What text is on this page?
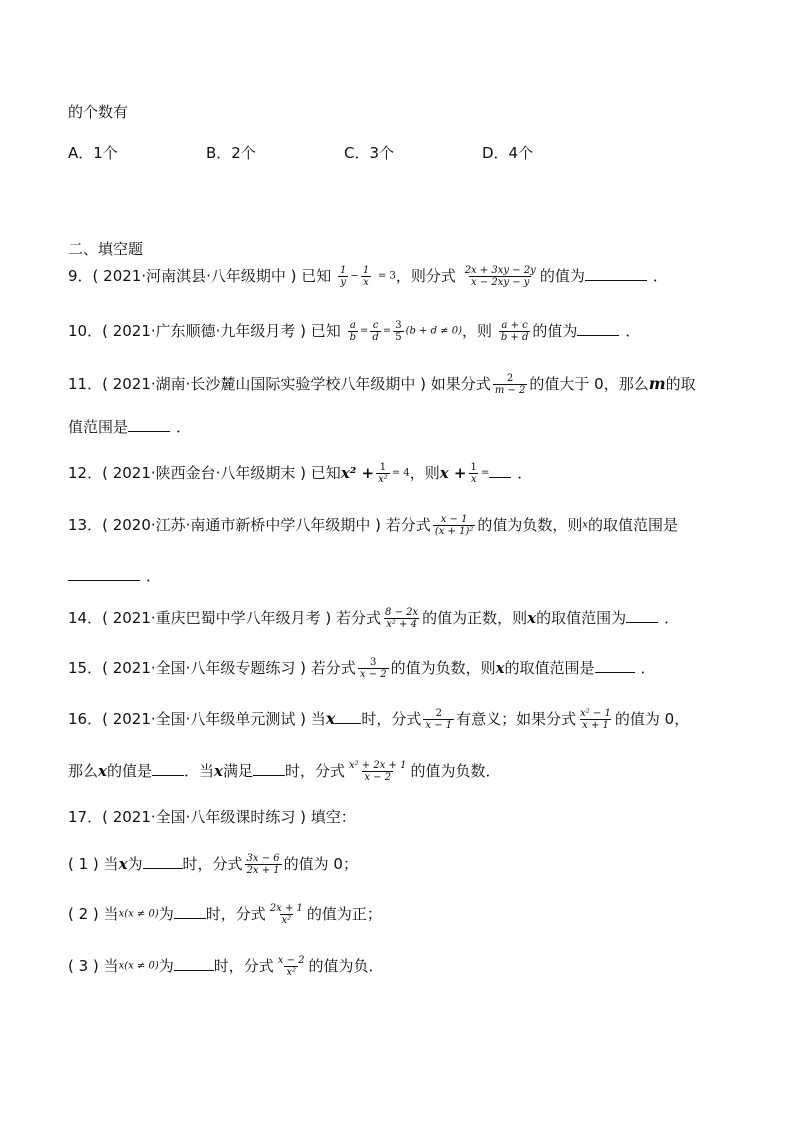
的个数有
A．1个	B．2个	C．3个	D．4个
二、填空题
9．( 2021·河南淇县·八年级期中 ) 已知 $\frac{1}{y} - \frac{1}{x} = 3$，则分式 $\frac{2x + 3xy - 2y}{x - 2xy - y}$ 的值为	．
10．( 2021·广东顺德·九年级月考 ) 已知 $\frac{a}{b} = \frac{c}{d} = \frac{3}{5} (b + d \ne 0)$，则 $\frac{a + c}{b + d}$ 的值为	．
11．( 2021·湖南·长沙麓山国际实验学校八年级期中 ) 如果分式 $\frac{2}{m - 2}$ 的值大于 0，那么m的取
值范围是	．
12．( 2021·陕西金台·八年级期末 ) 已知$x^2 + \frac{1}{\text{x²}} = 4$，则$x + \frac{1}{x}$ = ．
13．( 2020·江苏·南通市新桥中学八年级期中 ) 若分式 $\frac{x - 1}{\text{(x + 1)²}}$ 的值为负数，则x的取值范围是
．
14．( 2021·重庆巴蜀中学八年级月考 ) 若分式 $\frac{8 - 2x}{\text{x² + 4}}$ 的值为正数，则x的取值范围为	．
15．( 2021·全国·八年级专题练习 ) 若分式 $\frac{3}{x - 2}$ 的值为负数，则x的取值范围是	．
16．( 2021·全国·八年级单元测试 ) 当x 时，分式 $\frac{2}{x - 1}$ 有意义；如果分式 $\frac{\text{x² − 1}}{x + 1}$ 的值为 0，
那么x的值是 ．当x满足 时，分式 $\frac{\text{x² + 2x + 1}}{x - 2}$ 的值为负数．
17．( 2021·全国·八年级课时练习 ) 填空：
( 1 ) 当x为	时，分式 $\frac{3x - 6}{2x + 1}$ 的值为 0；
( 2 ) 当x(x ≠ 0)为 时，分式 $\frac{2x + 1}{\text{x²}}$ 的值为正；
( 3 ) 当x(x ≠ 0)为	时，分式 $\frac{x - 2}{\text{x²}}$ 的值为负．
